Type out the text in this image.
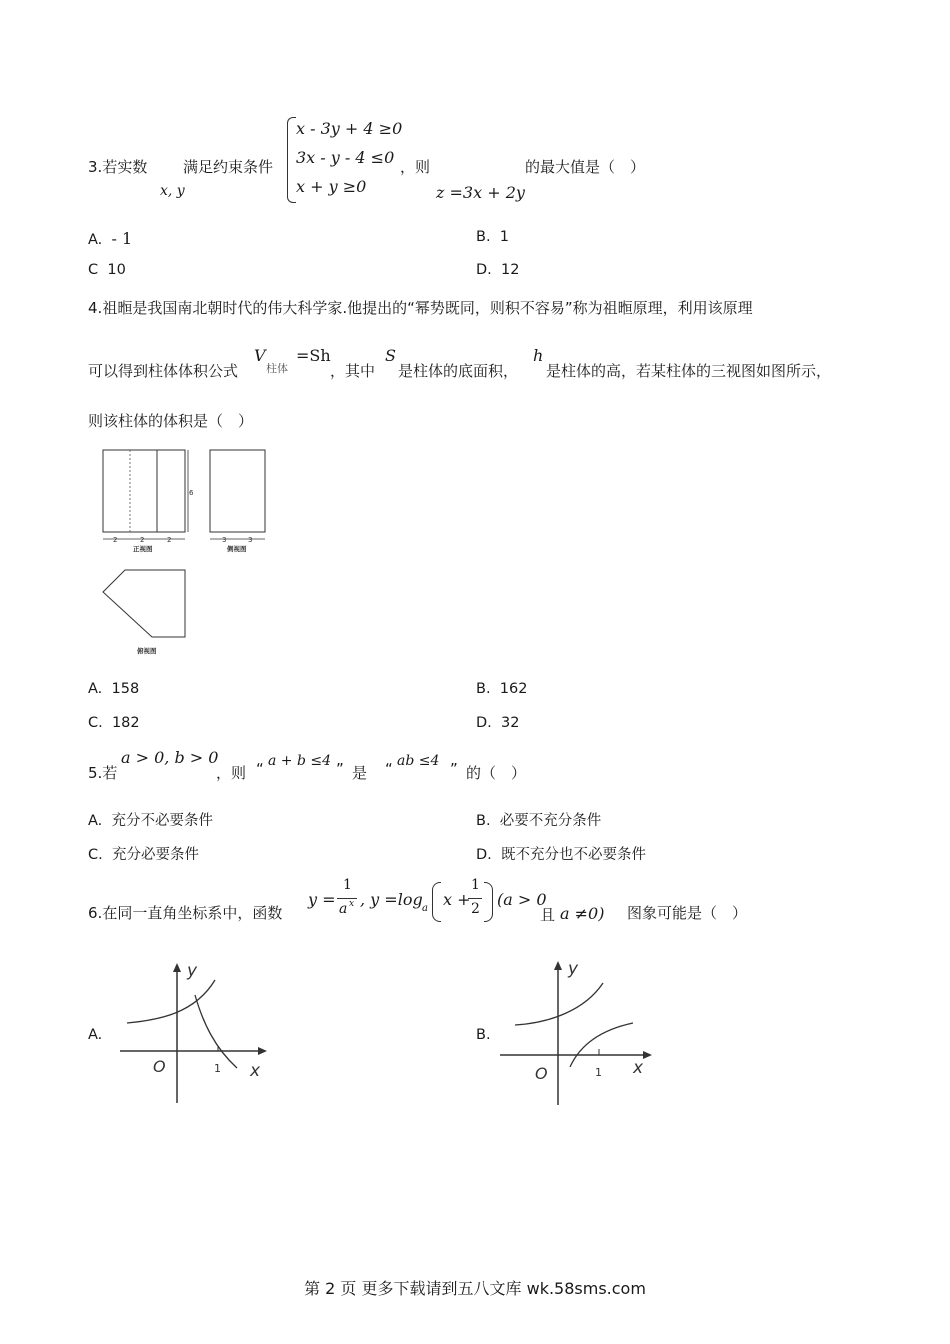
3.若实数
x, y
满足约束条件
x - 3y + 4 ≥0
3x - y - 4 ≤0
x + y ≥0
，则
z =3x + 2y
的最大值是（　）
A. - 1	B. 1
C 10	D. 12
4.祖暅是我国南北朝时代的伟大科学家.他提出的“幂势既同，则积不容易”称为祖暅原理，利用该原理
可以得到柱体体积公式
V
柱体
=Sh
，其中
S
是柱体的底面积，
h
是柱体的高，若某柱体的三视图如图所示，
则该柱体的体积是（　）
6
2	2	2
正视图
3	3
侧视图
俯视图
A. 158	B. 162
C. 182	D. 32
5.若
a > 0, b > 0
，则 “ a + b ≤4 ” 是 “ ab ≤4 ” 的（　）
A. 充分不必要条件	B. 必要不充分条件
C. 充分必要条件	D. 既不充分也不必要条件
6.在同一直角坐标系中，函数
y =
1
a x , y =log a x +
1
2 (a > 0
且 a ≠0) 图象可能是（　）
A.
y
x
O	1
B.
y
x
O	1
第 2 页 更多下载请到五八文库 wk.58sms.com
